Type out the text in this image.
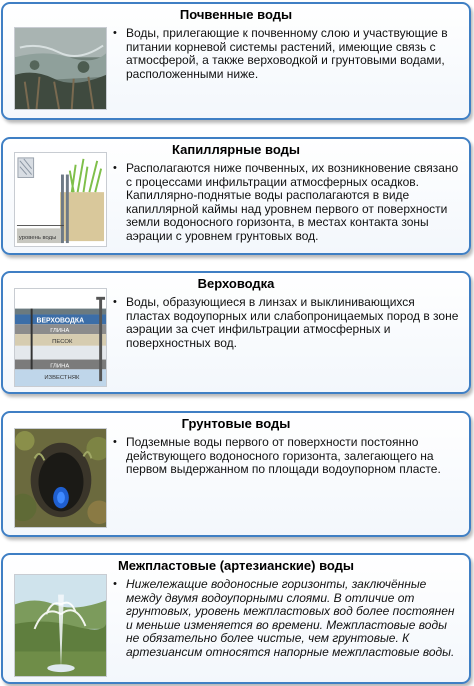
Почвенные воды
• Воды, прилегающие к почвенному слою и участвующие в питании корневой системы растений, имеющие связь с атмосферой, а также верховодкой и грунтовыми водами, расположенными ниже.
Капиллярные воды
уровень воды
• Располагаются ниже почвенных, их возникновение связано с процессами инфильтрации атмосферных осадков. Капиллярно-поднятые воды располагаются в виде капиллярной каймы над уровнем первого от поверхности земли водоносного горизонта, в местах контакта зоны аэрации с уровнем грунтовых вод.
Верховодка
ВЕРХОВОДКА
ГЛИНА
ПЕСОК
ГЛИНА
ИЗВЕСТНЯК
• Воды, образующиеся в линзах и выклинивающихся пластах водоупорных или слабопроницаемых пород в зоне аэрации за счет инфильтрации атмосферных и поверхностных вод.
Грунтовые воды
• Подземные воды первого от поверхности постоянно действующего водоносного горизонта, залегающего на первом выдержанном по площади водоупорном пласте.
Межпластовые (артезианские) воды
• Нижележащие водоносные горизонты, заключённые между двумя водоупорными слоями. В отличие от грунтовых, уровень межпластовых вод более постоянен и меньше изменяется во времени. Межпластовые воды не обязательно более чистые, чем грунтовые. К артезиансим относятся напорные межпластовые воды.
